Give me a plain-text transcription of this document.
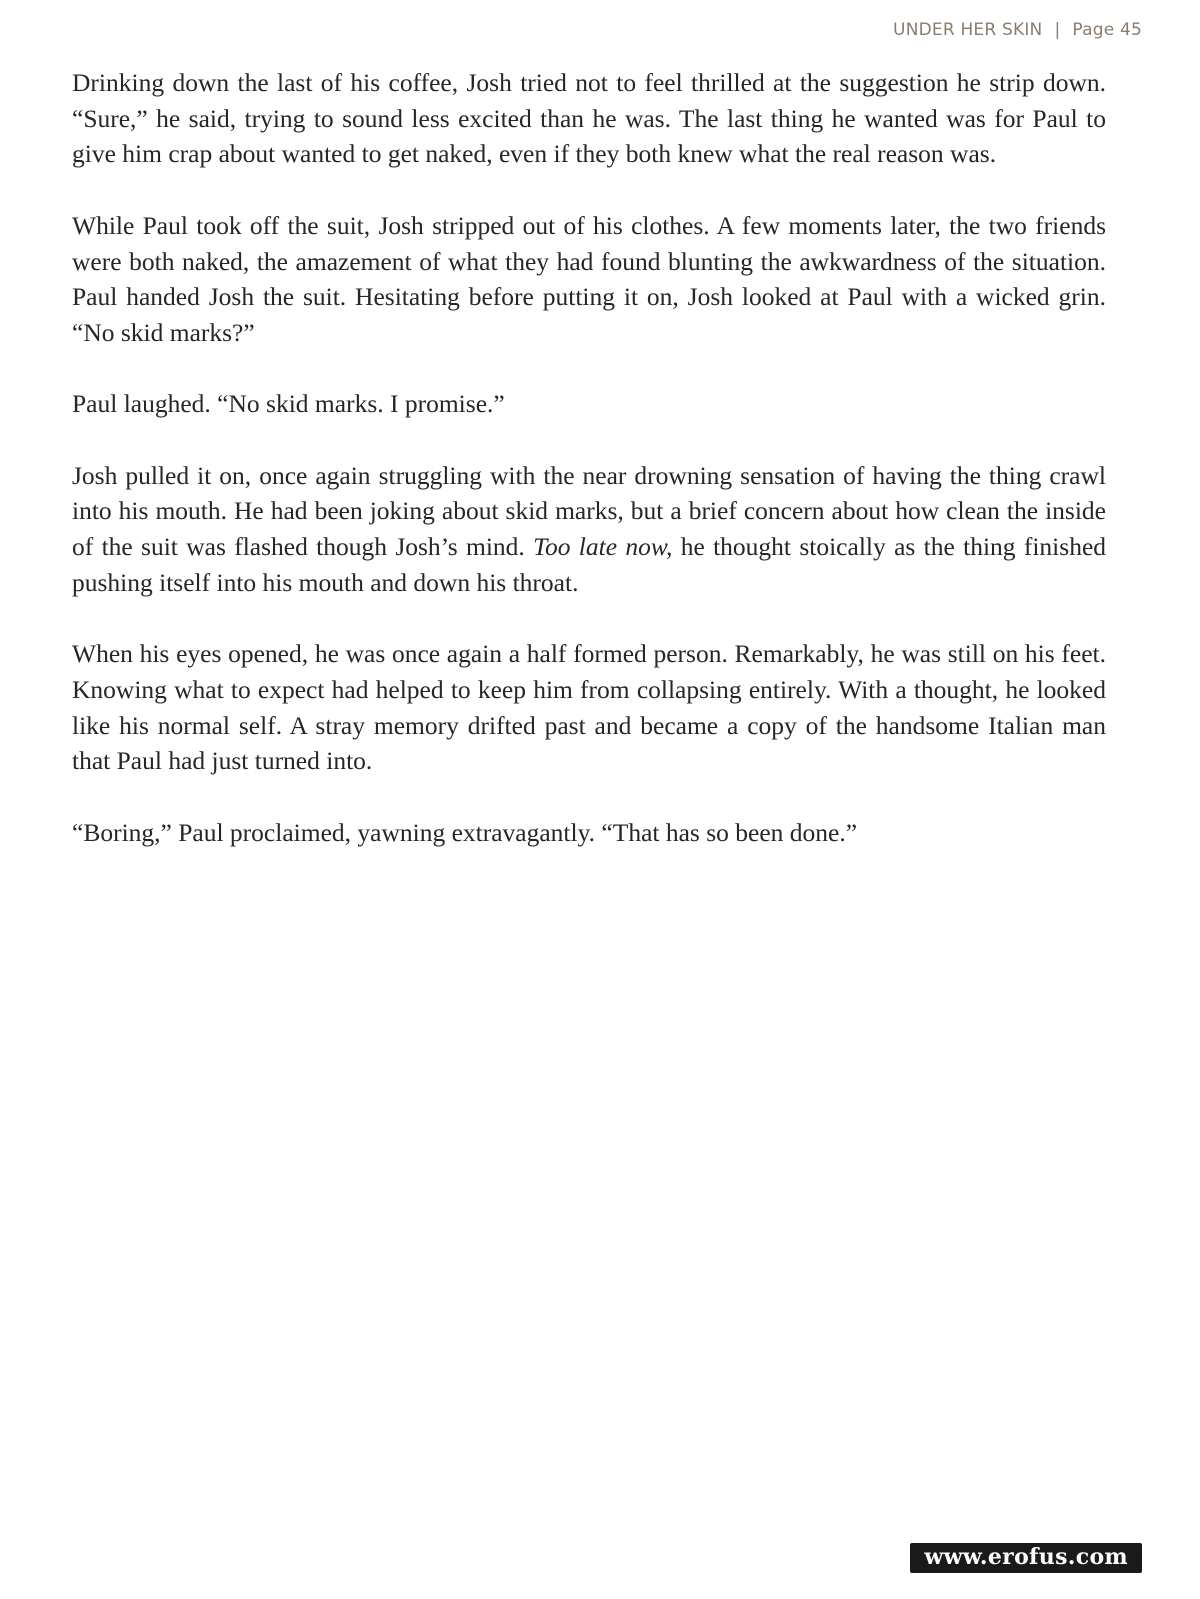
UNDER HER SKIN | Page 45

Drinking down the last of his coffee, Josh tried not to feel thrilled at the suggestion he strip down. “Sure,” he said, trying to sound less excited than he was. The last thing he wanted was for Paul to give him crap about wanted to get naked, even if they both knew what the real reason was.

While Paul took off the suit, Josh stripped out of his clothes. A few moments later, the two friends were both naked, the amazement of what they had found blunting the awkwardness of the situation. Paul handed Josh the suit. Hesitating before putting it on, Josh looked at Paul with a wicked grin. “No skid marks?”

Paul laughed. “No skid marks. I promise.”

Josh pulled it on, once again struggling with the near drowning sensation of having the thing crawl into his mouth. He had been joking about skid marks, but a brief concern about how clean the inside of the suit was flashed though Josh’s mind. Too late now, he thought stoically as the thing finished pushing itself into his mouth and down his throat.

When his eyes opened, he was once again a half formed person. Remarkably, he was still on his feet. Knowing what to expect had helped to keep him from collapsing entirely. With a thought, he looked like his normal self. A stray memory drifted past and became a copy of the handsome Italian man that Paul had just turned into.

“Boring,” Paul proclaimed, yawning extravagantly. “That has so been done.”

www.erofus.com
